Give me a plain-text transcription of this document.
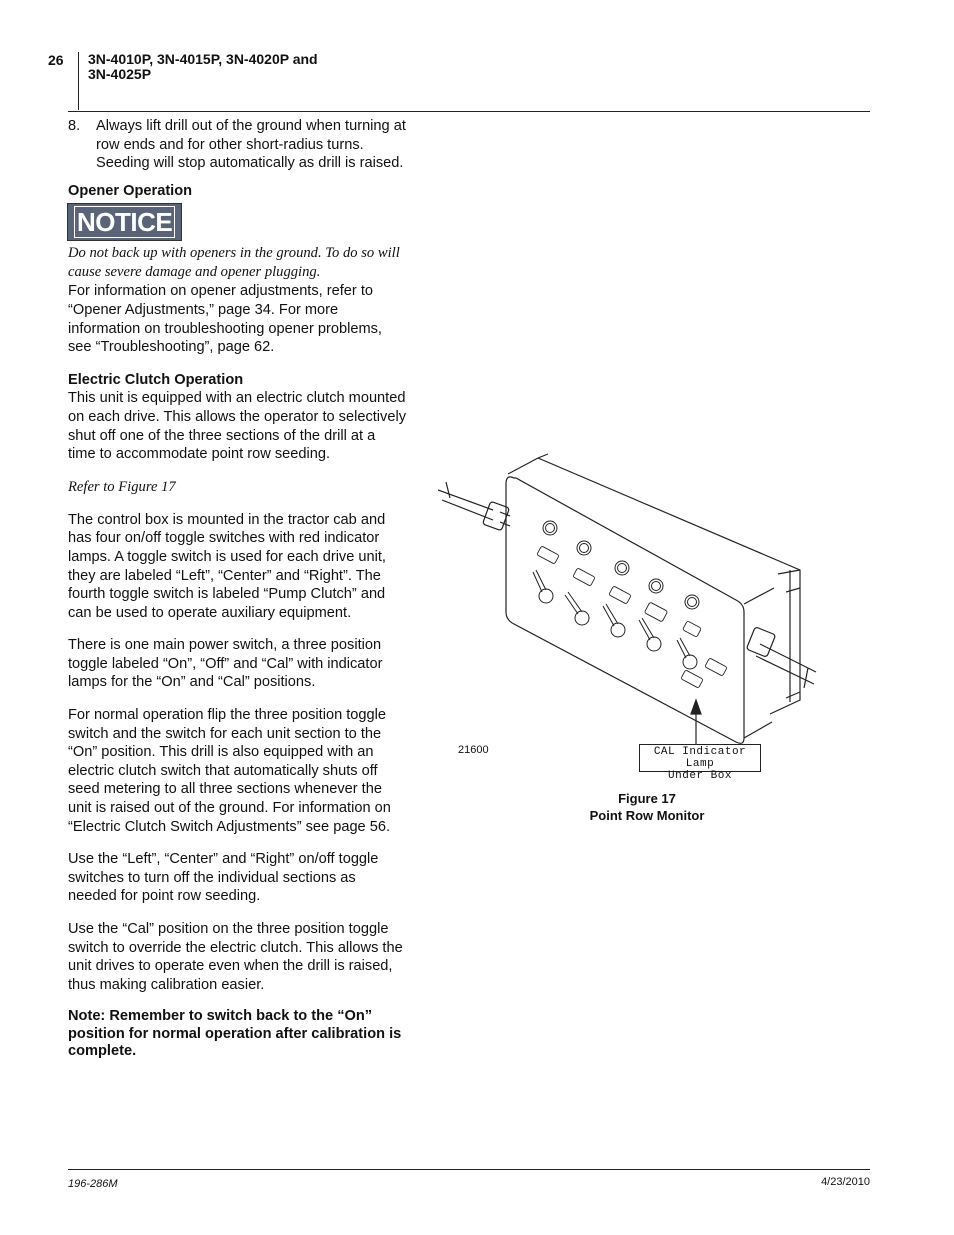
26 3N-4010P, 3N-4015P, 3N-4020P and
3N-4025P
8. Always lift drill out of the ground when turning at row ends and for other short-radius turns. Seeding will stop automatically as drill is raised.
Opener Operation
NOTICE
Do not back up with openers in the ground. To do so will cause severe damage and opener plugging.
For information on opener adjustments, refer to “Opener Adjustments,” page 34. For more information on troubleshooting opener problems, see “Troubleshooting”, page 62.
Electric Clutch Operation
This unit is equipped with an electric clutch mounted on each drive. This allows the operator to selectively shut off one of the three sections of the drill at a time to accommodate point row seeding.
Refer to Figure 17
The control box is mounted in the tractor cab and has four on/off toggle switches with red indicator lamps. A toggle switch is used for each drive unit, they are labeled “Left”, “Center” and “Right”. The fourth toggle switch is labeled “Pump Clutch” and can be used to operate auxiliary equipment.
There is one main power switch, a three position toggle labeled “On”, “Off” and “Cal” with indicator lamps for the “On” and “Cal” positions.
For normal operation flip the three position toggle switch and the switch for each unit section to the “On” position. This drill is also equipped with an electric clutch switch that automatically shuts off seed metering to all three sections whenever the unit is raised out of the ground. For information on “Electric Clutch Switch Adjustments” see page 56.
Use the “Left”, “Center” and “Right” on/off toggle switches to turn off the individual sections as needed for point row seeding.
Use the “Cal” position on the three position toggle switch to override the electric clutch. This allows the unit drives to operate even when the drill is raised, thus making calibration easier.
Note: Remember to switch back to the “On” position for normal operation after calibration is complete.
21600	CAL Indicator Lamp
Under Box
Figure 17
Point Row Monitor
196-286M	4/23/2010
